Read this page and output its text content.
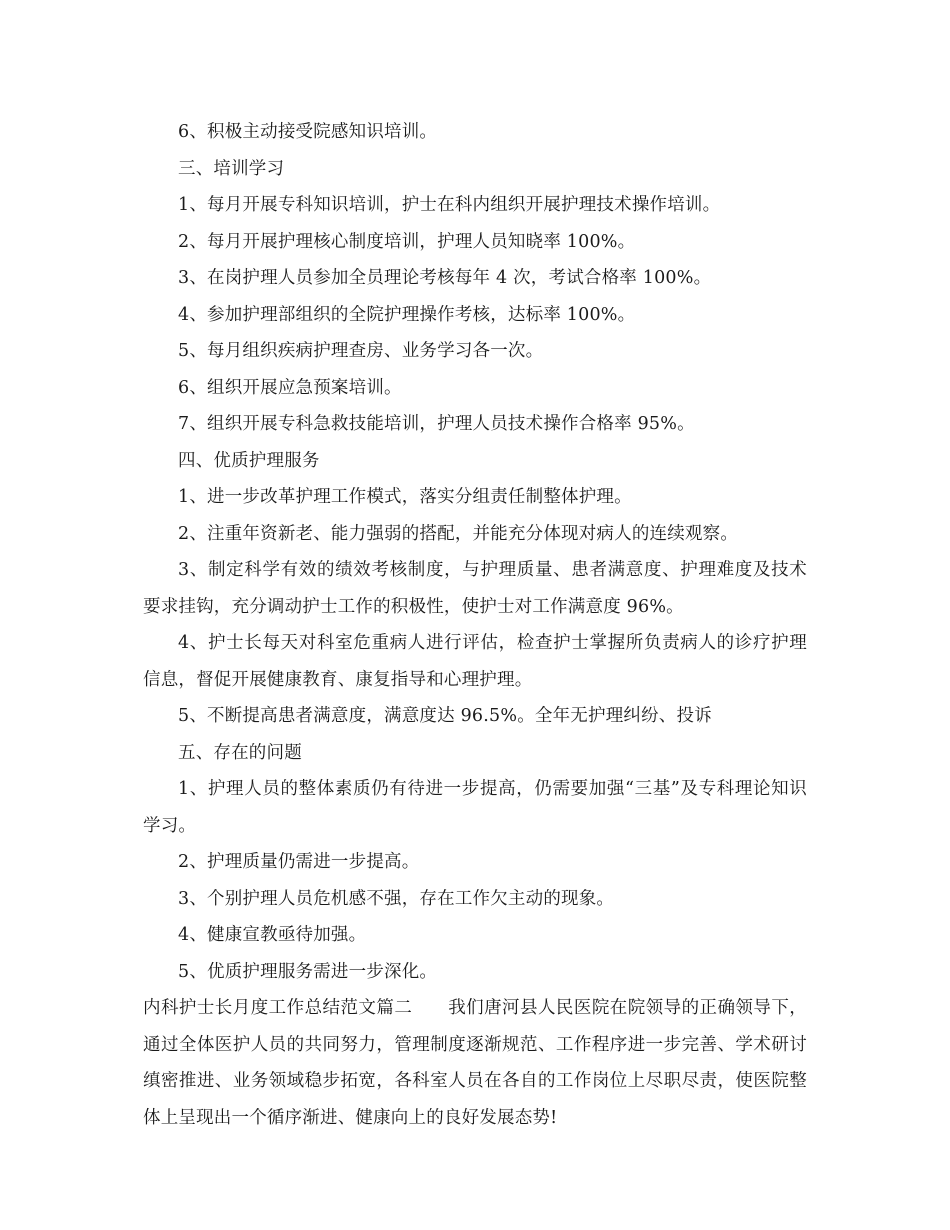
6、积极主动接受院感知识培训。

三、培训学习

1、每月开展专科知识培训，护士在科内组织开展护理技术操作培训。

2、每月开展护理核心制度培训，护理人员知晓率 100%。

3、在岗护理人员参加全员理论考核每年 4 次，考试合格率 100%。

4、参加护理部组织的全院护理操作考核，达标率 100%。

5、每月组织疾病护理查房、业务学习各一次。

6、组织开展应急预案培训。

7、组织开展专科急救技能培训，护理人员技术操作合格率 95%。

四、优质护理服务

1、进一步改革护理工作模式，落实分组责任制整体护理。

2、注重年资新老、能力强弱的搭配，并能充分体现对病人的连续观察。

3、制定科学有效的绩效考核制度，与护理质量、患者满意度、护理难度及技术要求挂钩，充分调动护士工作的积极性，使护士对工作满意度 96%。

4、护士长每天对科室危重病人进行评估，检查护士掌握所负责病人的诊疗护理信息，督促开展健康教育、康复指导和心理护理。

5、不断提高患者满意度，满意度达 96.5%。全年无护理纠纷、投诉

五、存在的问题

1、护理人员的整体素质仍有待进一步提高，仍需要加强“三基”及专科理论知识学习。

2、护理质量仍需进一步提高。

3、个别护理人员危机感不强，存在工作欠主动的现象。

4、健康宣教亟待加强。

5、优质护理服务需进一步深化。

内科护士长月度工作总结范文篇二　　我们唐河县人民医院在院领导的正确领导下，通过全体医护人员的共同努力，管理制度逐渐规范、工作程序进一步完善、学术研讨缜密推进、业务领域稳步拓宽，各科室人员在各自的工作岗位上尽职尽责，使医院整体上呈现出一个循序渐进、健康向上的良好发展态势!
